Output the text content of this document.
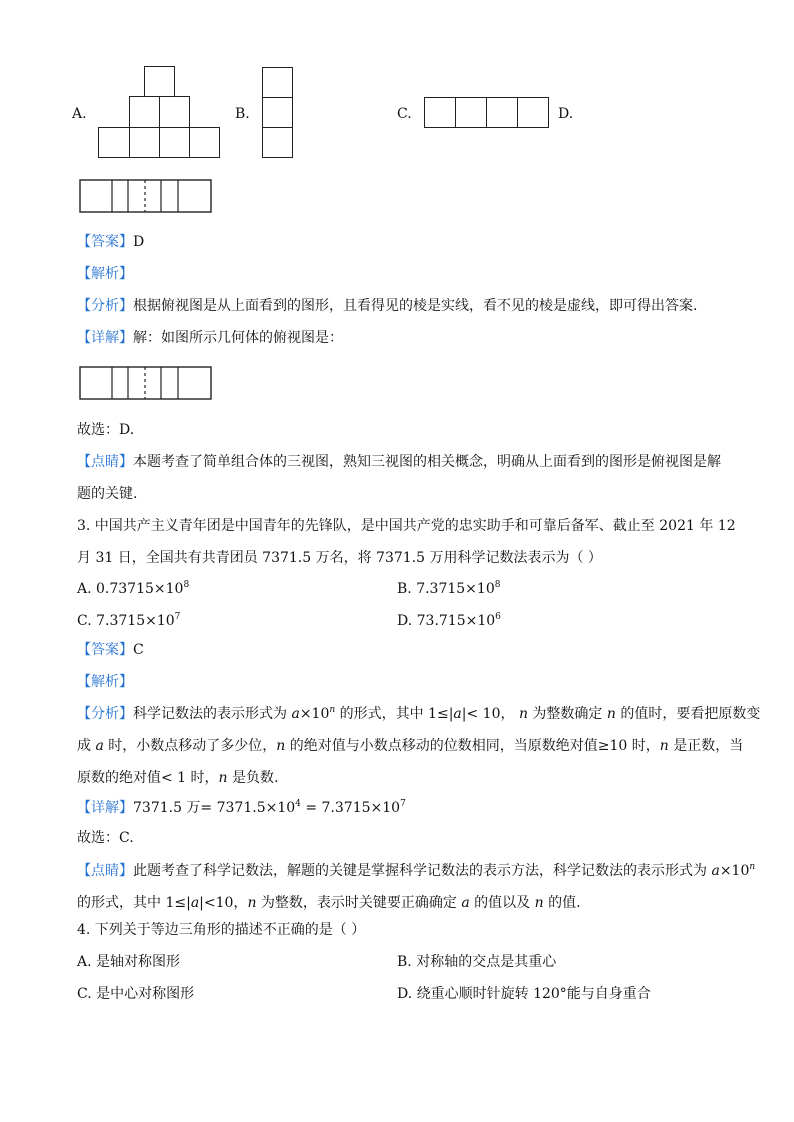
A.	B.	C.	D.
【答案】D
【解析】
【分析】根据俯视图是从上面看到的图形，且看得见的棱是实线，看不见的棱是虚线，即可得出答案.
【详解】解：如图所示几何体的俯视图是：
故选：D.
【点睛】本题考查了简单组合体的三视图，熟知三视图的相关概念，明确从上面看到的图形是俯视图是解
题的关键.
3. 中国共产主义青年团是中国青年的先锋队，是中国共产党的忠实助手和可靠后备军、截止至 2021 年 12
月 31 日，全国共有共青团员 7371.5 万名，将 7371.5 万用科学记数法表示为（ ）
A. $0.73715\times 10^8$	B. $7.3715\times 10^8$
C. $7.3715\times 10^7$	D. $73.715\times 10^6$
【答案】C
【解析】
【分析】科学记数法的表示形式为 $a\times 10^n$ 的形式，其中 1≤|a|< 10， n 为整数确定 n 的值时，要看把原数变
成 a 时，小数点移动了多少位，n 的绝对值与小数点移动的位数相同，当原数绝对值≥10 时，n 是正数，当
原数的绝对值< 1 时，n 是负数.
【详解】7371.5 万= $7371.5\times 10^4 = 7.3715\times 10^7$
故选：C.
【点睛】此题考查了科学记数法，解题的关键是掌握科学记数法的表示方法，科学记数法的表示形式为 $a\times 10^n$
的形式，其中 1≤|a|<10，n 为整数，表示时关键要正确确定 a 的值以及 n 的值.
4. 下列关于等边三角形的描述不正确的是（ ）
A. 是轴对称图形	B. 对称轴的交点是其重心
C. 是中心对称图形	D. 绕重心顺时针旋转 120°能与自身重合
